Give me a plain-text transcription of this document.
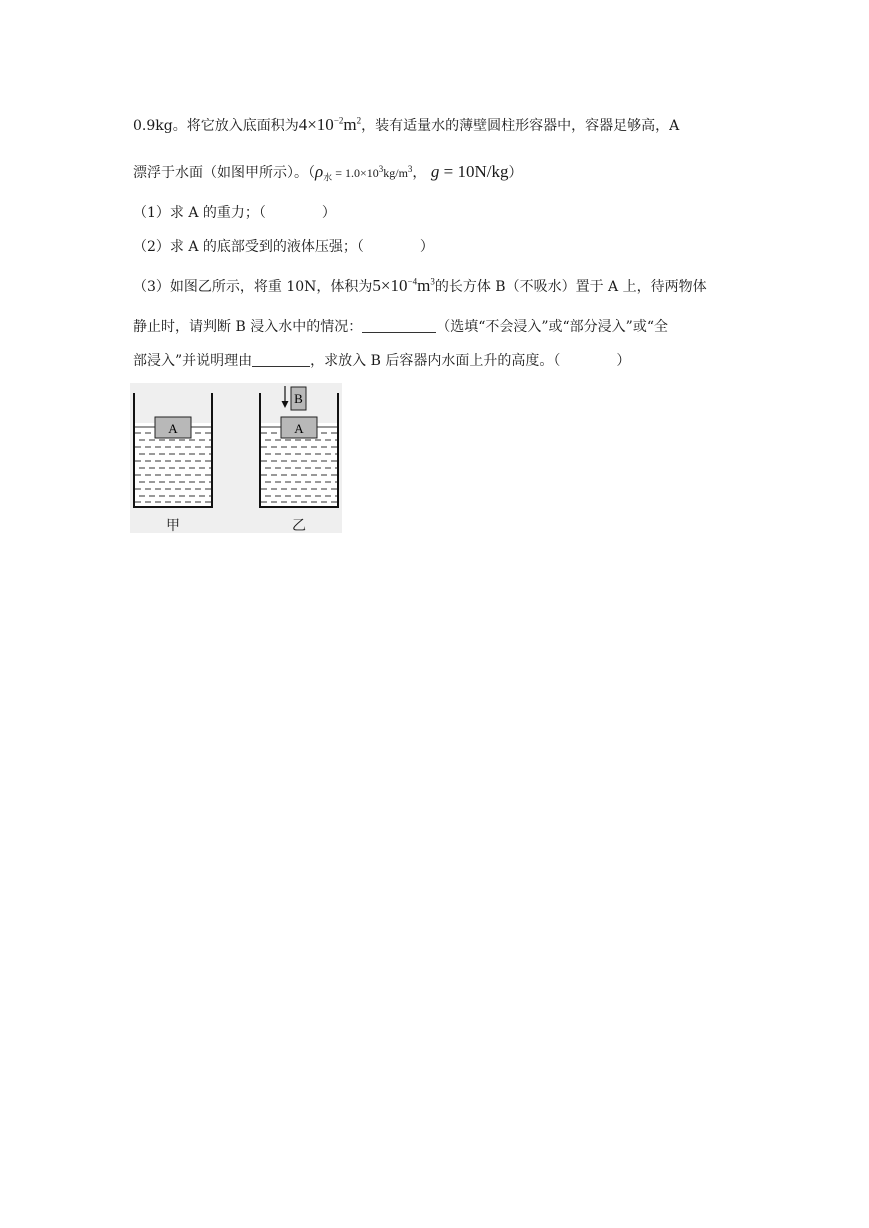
0.9kg。将它放入底面积为$4\times 10^{-2}m^2$，装有适量水的薄壁圆柱形容器中，容器足够高，A
漂浮于水面（如图甲所示）。（$\rho_水 = 1.0\times 10^3kg/m^3$， g = 10N/kg）
（1）求 A 的重力；（	）
（2）求 A 的底部受到的液体压强；（	）
（3）如图乙所示，将重 10N，体积为$5\times 10^{-4}m^3$的长方体 B（不吸水）置于 A 上，待两物体
静止时，请判断 B 浸入水中的情况：	（选填“不会浸入”或“部分浸入”或“全
部浸入”并说明理由	，求放入 B 后容器内水面上升的高度。（	）
A	A
B
甲	乙
